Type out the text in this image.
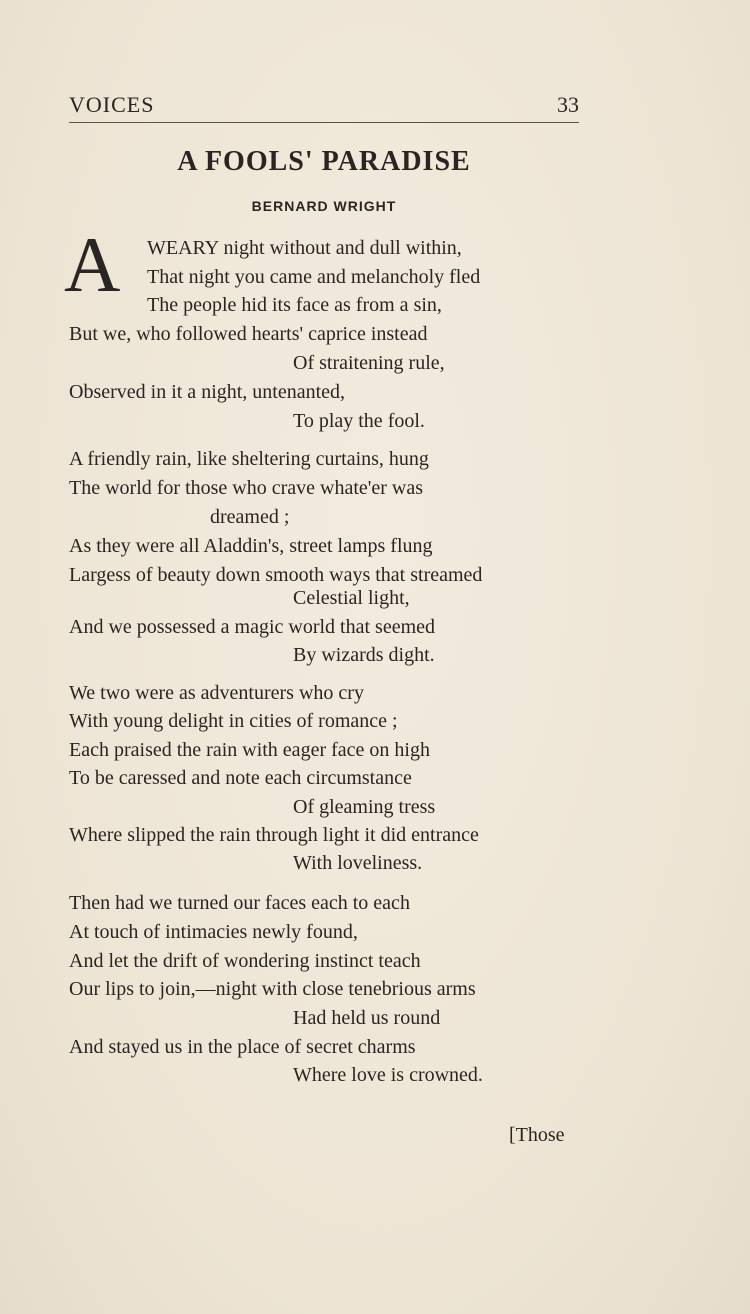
VOICES	33
A FOOLS' PARADISE
BERNARD WRIGHT
A WEARY night without and dull within,
That night you came and melancholy fled
The people hid its face as from a sin,
But we, who followed hearts' caprice instead
Of straitening rule,
Observed in it a night, untenanted,
To play the fool.
A friendly rain, like sheltering curtains, hung
The world for those who crave whate'er was
dreamed ;
As they were all Aladdin's, street lamps flung
Largess of beauty down smooth ways that streamed
Celestial light,
And we possessed a magic world that seemed
By wizards dight.
We two were as adventurers who cry
With young delight in cities of romance ;
Each praised the rain with eager face on high
To be caressed and note each circumstance
Of gleaming tress
Where slipped the rain through light it did entrance
With loveliness.
Then had we turned our faces each to each
At touch of intimacies newly found,
And let the drift of wondering instinct teach
Our lips to join,—night with close tenebrious arms
Had held us round
And stayed us in the place of secret charms
Where love is crowned.
[Those
